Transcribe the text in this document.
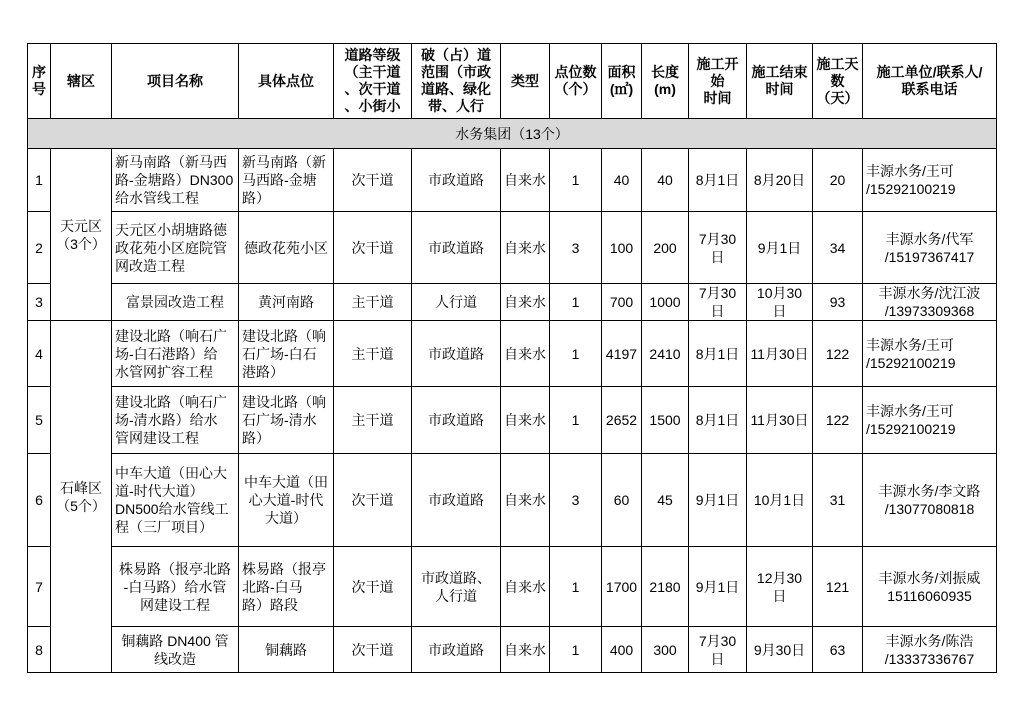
序
号	辖区	项目名称	具体点位	道路等级
（主干道
、次干道
、小街小	破（占）道
范围（市政
道路、绿化
带、人行	类型	点位数
（个）	面积
(㎡)	长度
(m)	施工开
始
时间	施工结束
时间	施工天
数
（天）	施工单位/联系人/
联系电话
水务集团（13个）													
1	天元区
（3个）	新马南路（新马西
路-金塘路）DN300
给水管线工程	新马南路（新
马西路-金塘
路）	次干道	市政道路	自来水	1	40	40	8月1日	8月20日	20	丰源水务/王可
/15292100219
2		天元区小胡塘路德
政花苑小区庭院管
网改造工程	德政花苑小区	次干道	市政道路	自来水	3	100	200	7月30日	9月1日	34	丰源水务/代军
/15197367417
3		富景园改造工程	黄河南路	主干道	人行道	自来水	1	700	1000	7月30日	10月30日	93	丰源水务/沈江波
/13973309368
4	石峰区
（5个）	建设北路（响石广
场-白石港路）给
水管网扩容工程	建设北路（响
石广场-白石
港路）	主干道	市政道路	自来水	1	4197	2410	8月1日	11月30日	122	丰源水务/王可
/15292100219
5		建设北路（响石广
场-清水路）给水
管网建设工程	建设北路（响
石广场-清水
路）	主干道	市政道路	自来水	1	2652	1500	8月1日	11月30日	122	丰源水务/王可
/15292100219
6		中车大道（田心大
道-时代大道）
DN500给水管线工
程（三厂项目）	中车大道（田
心大道-时代
大道）	次干道	市政道路	自来水	3	60	45	9月1日	10月1日	31	丰源水务/李文路
/13077080818
7		株易路（报亭北路
-白马路）给水管
网建设工程	株易路（报亭
北路-白马
路）路段	次干道	市政道路、
人行道	自来水	1	1700	2180	9月1日	12月30日	121	丰源水务/刘振威
15116060935
8		铜藕路 DN400 管
线改造	铜藕路	次干道	市政道路	自来水	1	400	300	7月30日	9月30日	63	丰源水务/陈浩
/13337336767
